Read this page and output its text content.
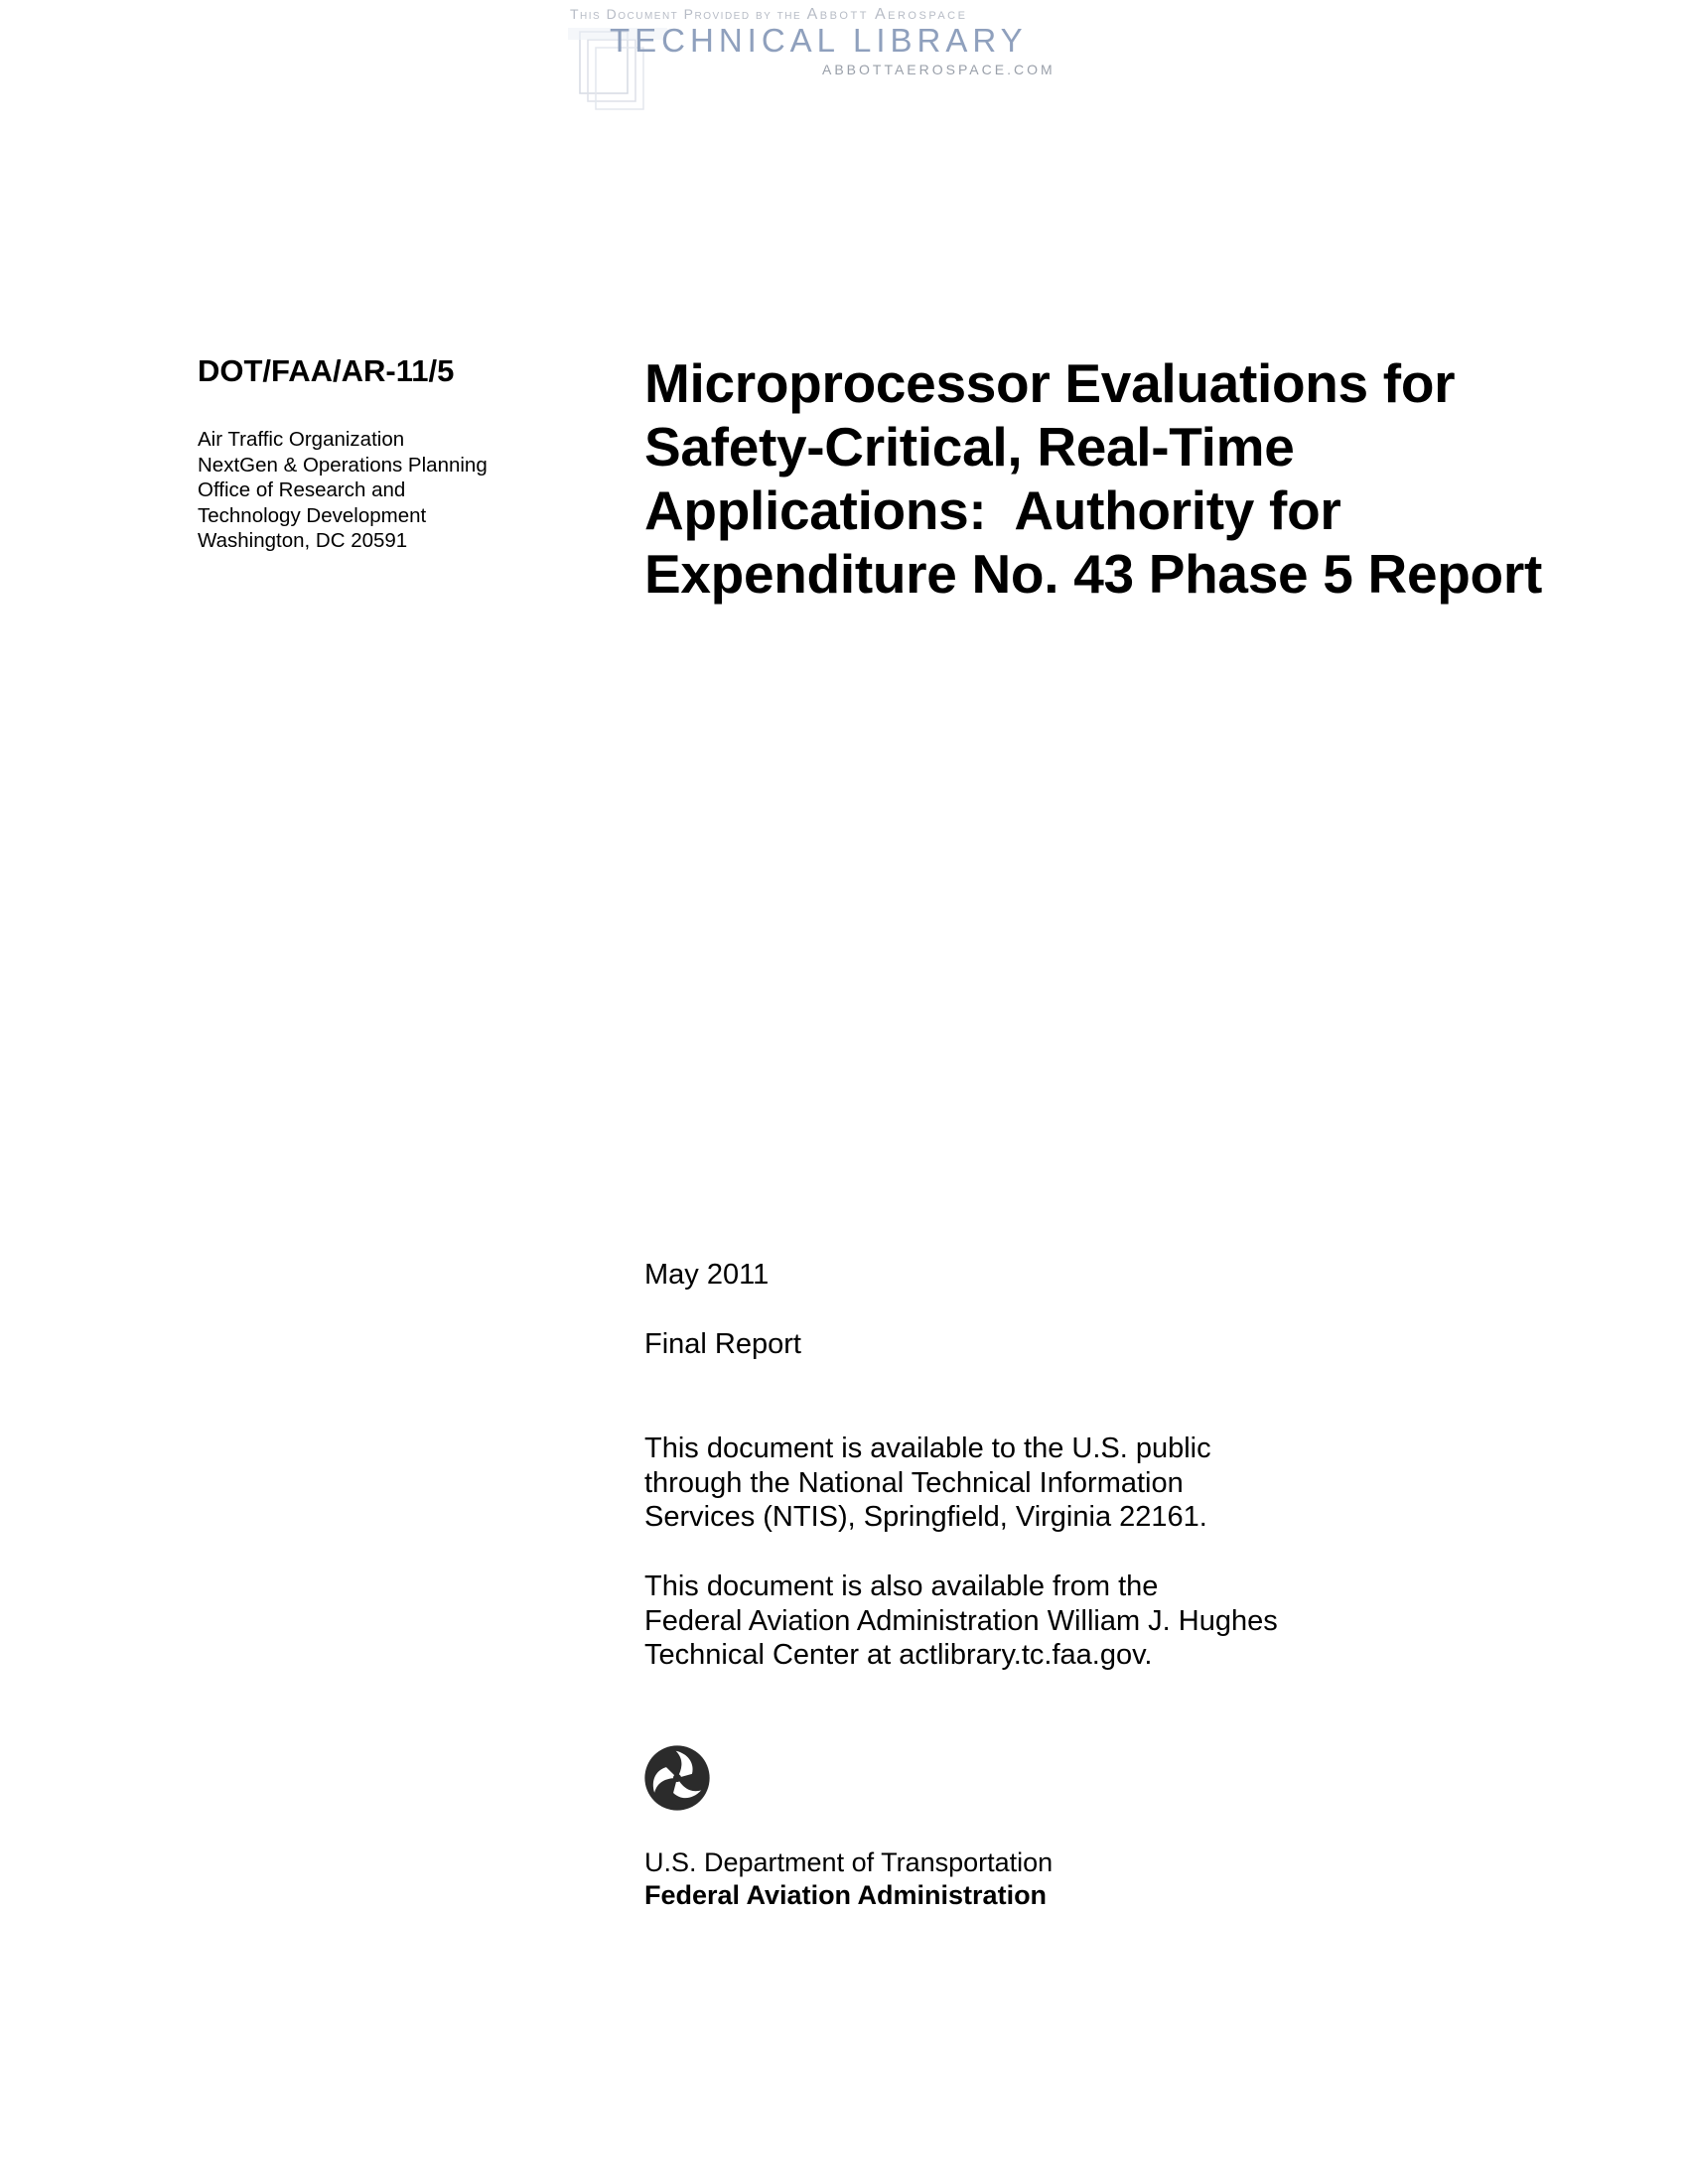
This Document Provided by the Abbott Aerospace
TECHNICAL LIBRARY
ABBOTTAEROSPACE.COM
DOT/FAA/AR-11/5
Air Traffic Organization
NextGen & Operations Planning
Office of Research and
Technology Development
Washington, DC 20591
Microprocessor Evaluations for
Safety-Critical, Real-Time
Applications:  Authority for
Expenditure No. 43 Phase 5 Report
May 2011
Final Report
This document is available to the U.S. public
through the National Technical Information
Services (NTIS), Springfield, Virginia 22161.
This document is also available from the
Federal Aviation Administration William J. Hughes
Technical Center at actlibrary.tc.faa.gov.
U.S. Department of Transportation
Federal Aviation Administration
